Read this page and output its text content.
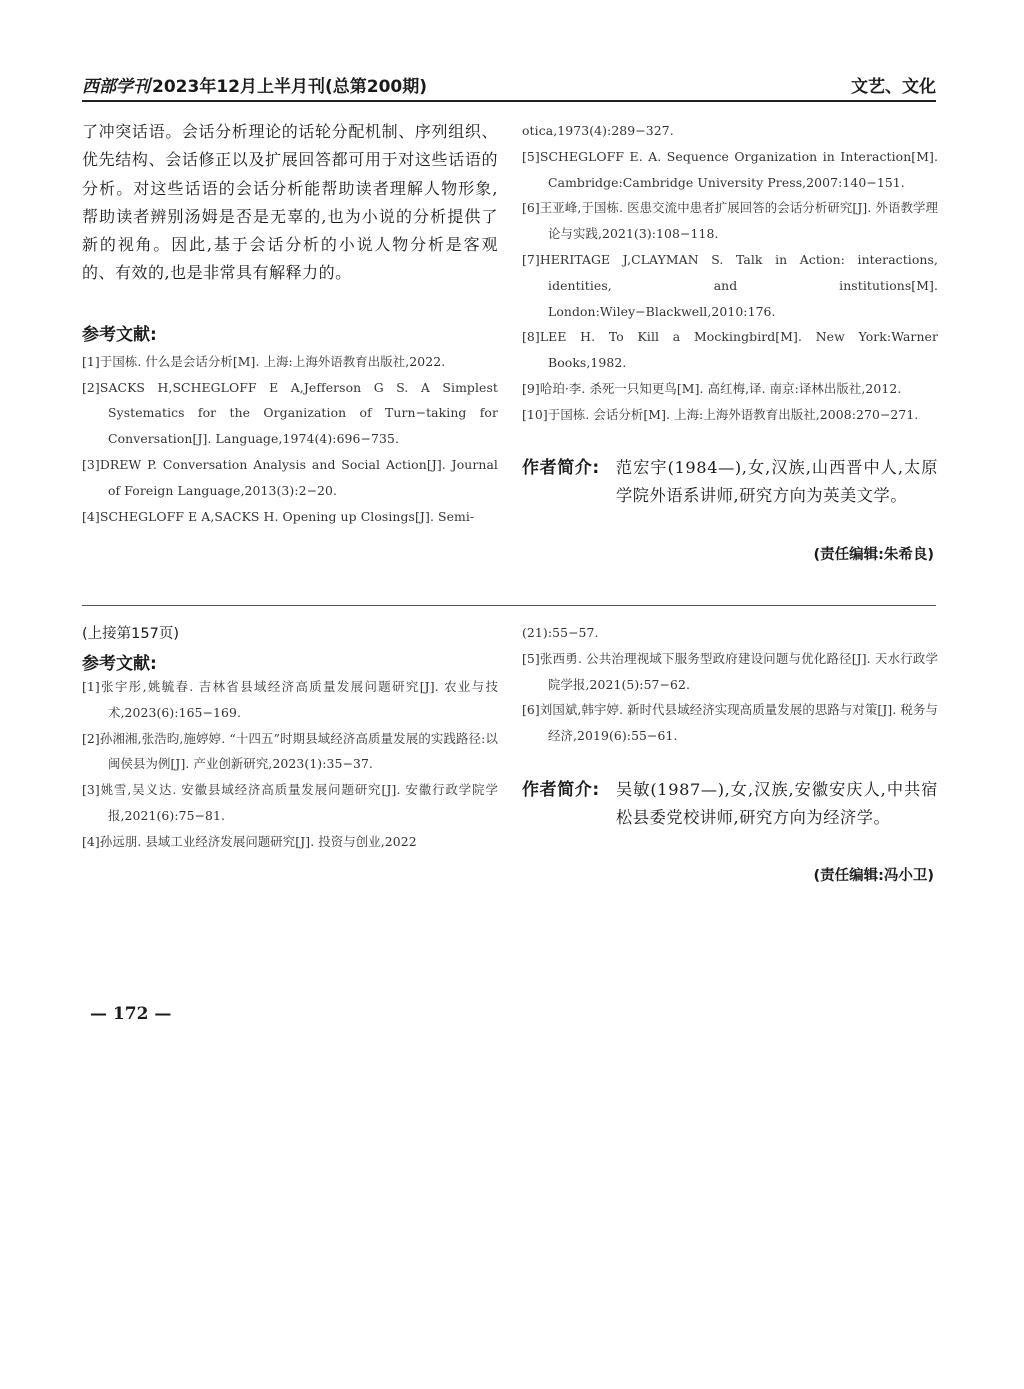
西部学刊 2023年12月上半月刊(总第200期)	文艺、文化

了冲突话语。会话分析理论的话轮分配机制、序列组织、优先结构、会话修正以及扩展回答都可用于对这些话语的分析。对这些话语的会话分析能帮助读者理解人物形象,帮助读者辨别汤姆是否是无辜的,也为小说的分析提供了新的视角。因此,基于会话分析的小说人物分析是客观的、有效的,也是非常具有解释力的。

参考文献:
[1]于国栋. 什么是会话分析[M]. 上海:上海外语教育出版社,2022.
[2]SACKS H,SCHEGLOFF E A,Jefferson G S. A Simplest Systematics for the Organization of Turn−taking for Conversation[J]. Language,1974(4):696−735.
[3]DREW P. Conversation Analysis and Social Action[J]. Journal of Foreign Language,2013(3):2−20.
[4]SCHEGLOFF E A,SACKS H. Opening up Closings[J]. Semi-
otica,1973(4):289−327.
[5]SCHEGLOFF E. A. Sequence Organization in Interaction[M]. Cambridge:Cambridge University Press,2007:140−151.
[6]王亚峰,于国栋. 医患交流中患者扩展回答的会话分析研究[J]. 外语教学理论与实践,2021(3):108−118.
[7]HERITAGE J,CLAYMAN S. Talk in Action: interactions, identities, and institutions[M]. London:Wiley−Blackwell,2010:176.
[8]LEE H. To Kill a Mockingbird[M]. New York:Warner Books,1982.
[9]哈珀·李. 杀死一只知更鸟[M]. 高红梅,译. 南京:译林出版社,2012.
[10]于国栋. 会话分析[M]. 上海:上海外语教育出版社,2008:270−271.
作者简介: 范宏宇(1984—),女,汉族,山西晋中人,太原学院外语系讲师,研究方向为英美文学。
(责任编辑:朱希良)
(上接第157页)
参考文献:
[1]张宇彤,姚毓春. 吉林省县域经济高质量发展问题研究[J]. 农业与技术,2023(6):165−169.
[2]孙湘湘,张浩昀,施婷婷. “十四五”时期县域经济高质量发展的实践路径:以闽侯县为例[J]. 产业创新研究,2023(1):35−37.
[3]姚雪,吴义达. 安徽县域经济高质量发展问题研究[J]. 安徽行政学院学报,2021(6):75−81.
[4]孙远朋. 县域工业经济发展问题研究[J]. 投资与创业,2022
(21):55−57.
[5]张西勇. 公共治理视域下服务型政府建设问题与优化路径[J]. 天水行政学院学报,2021(5):57−62.
[6]刘国斌,韩宇婷. 新时代县域经济实现高质量发展的思路与对策[J]. 税务与经济,2019(6):55−61.
作者简介: 吴敏(1987—),女,汉族,安徽安庆人,中共宿松县委党校讲师,研究方向为经济学。
(责任编辑:冯小卫)
— 172 —
